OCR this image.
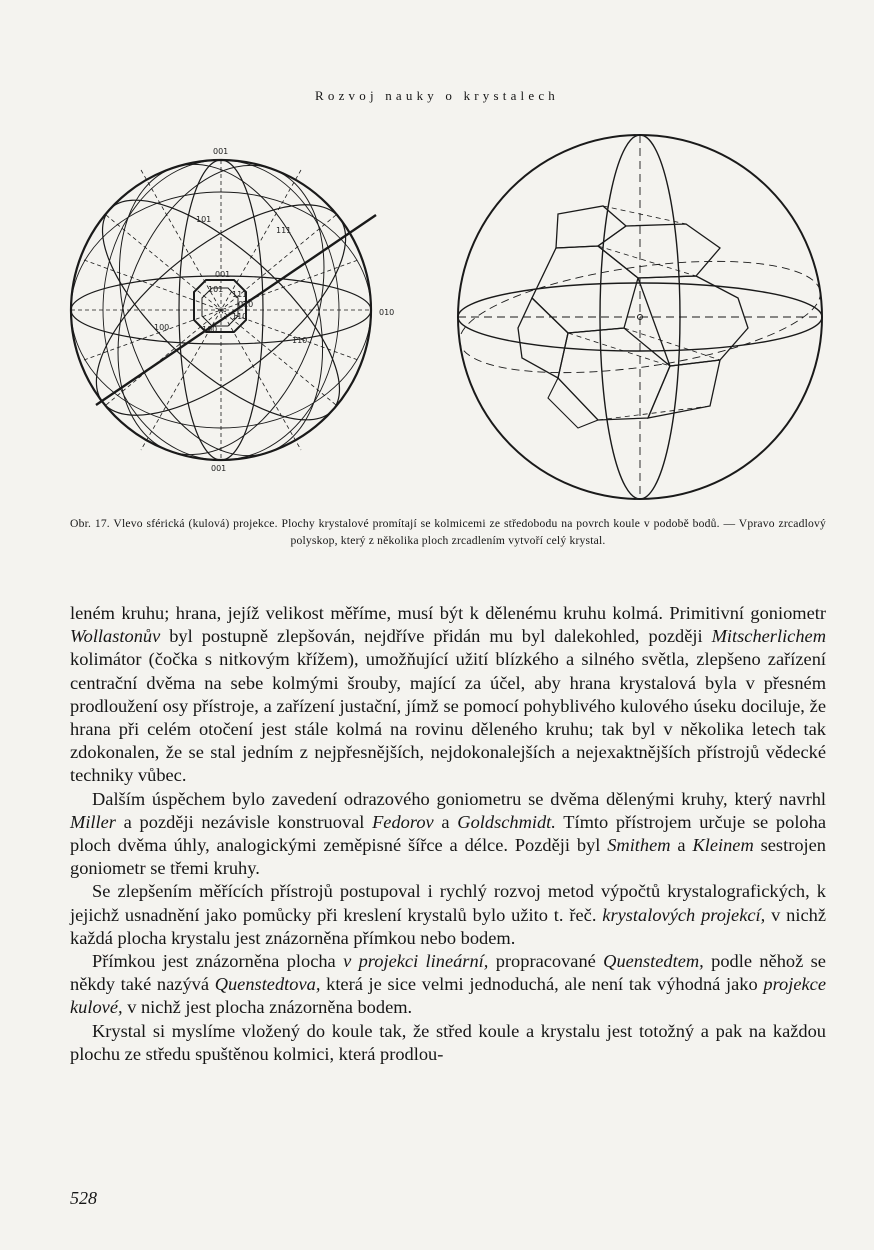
Rozvoj nauky o krystalech
001
001
101
111
010
110
100
001
101
111
010
110
100
Obr. 17. Vlevo sférická (kulová) projekce. Plochy krystalové promítají se kolmicemi ze středobodu na povrch koule v podobě bodů. — Vpravo zrcadlový polyskop, který z několika ploch zrcadlením vytvoří celý krystal.

leném kruhu; hrana, jejíž velikost měříme, musí být k dělenému kruhu kolmá. Primitivní goniometr Wollastonův byl postupně zlepšován, nejdříve přidán mu byl dalekohled, později Mitscherlichem kolimátor (čočka s nitkovým křížem), umožňující užití blízkého a silného světla, zlepšeno zařízení centrační dvěma na sebe kolmými šrouby, mající za účel, aby hrana krystalová byla v přesném prodloužení osy přístroje, a zařízení justační, jímž se pomocí pohyblivého kulového úseku dociluje, že hrana při celém otočení jest stále kolmá na rovinu děleného kruhu; tak byl v několika letech tak zdokonalen, že se stal jedním z nejpřesnějších, nejdokonalejších a nejexaktnějších přístrojů vědecké techniky vůbec.

Dalším úspěchem bylo zavedení odrazového goniometru se dvěma dělenými kruhy, který navrhl Miller a později nezávisle konstruoval Fedorov a Goldschmidt. Tímto přístrojem určuje se poloha ploch dvěma úhly, analogickými zeměpisné šířce a délce. Později byl Smithem a Kleinem sestrojen goniometr se třemi kruhy.

Se zlepšením měřících přístrojů postupoval i rychlý rozvoj metod výpočtů krystalografických, k jejichž usnadnění jako pomůcky při kreslení krystalů bylo užito t. řeč. krystalových projekcí, v nichž každá plocha krystalu jest znázorněna přímkou nebo bodem.

Přímkou jest znázorněna plocha v projekci lineární, propracované Quenstedtem, podle něhož se někdy také nazývá Quenstedtova, která je sice velmi jednoduchá, ale není tak výhodná jako projekce kulové, v nichž jest plocha znázorněna bodem.

Krystal si myslíme vložený do koule tak, že střed koule a krystalu jest totožný a pak na každou plochu ze středu spuštěnou kolmici, která prodlou-

528
